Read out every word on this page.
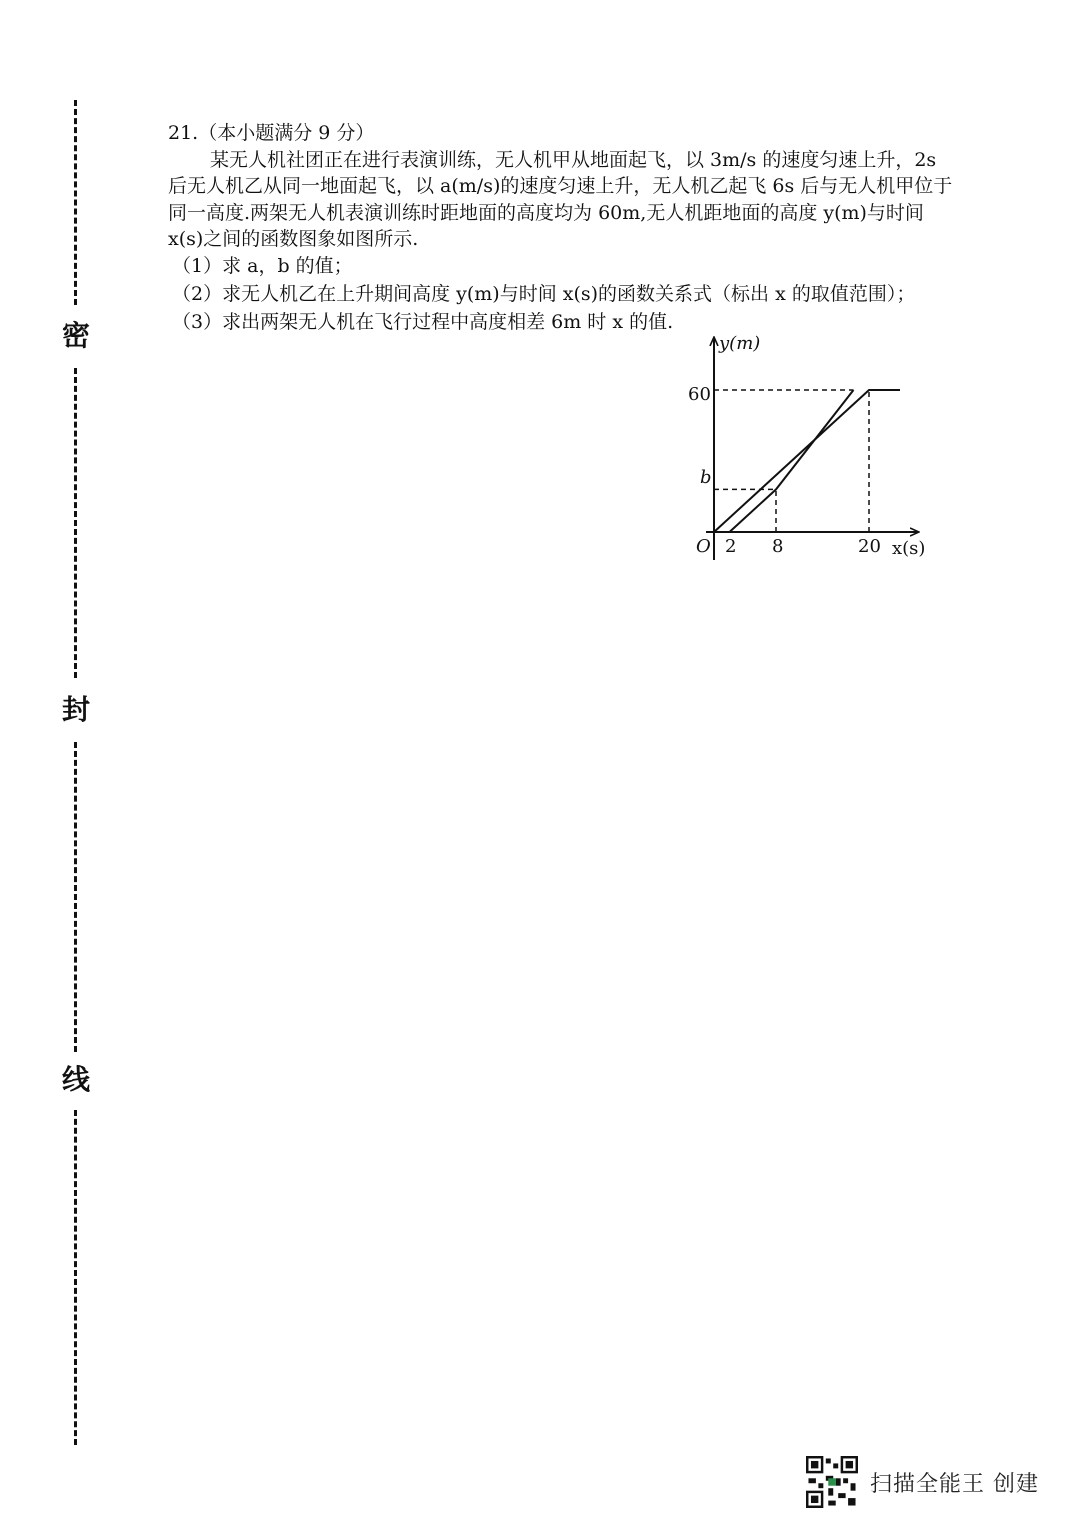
密
封
线

21.（本小题满分 9 分）

某无人机社团正在进行表演训练，无人机甲从地面起飞，以 3m/s 的速度匀速上升，2s 后无人机乙从同一地面起飞，以 a(m/s)的速度匀速上升，无人机乙起飞 6s 后与无人机甲位于同一高度.两架无人机表演训练时距地面的高度均为 60m,无人机距地面的高度 y(m)与时间 x(s)之间的函数图象如图所示.

（1）求 a，b 的值；

（2）求无人机乙在上升期间高度 y(m)与时间 x(s)的函数关系式（标出 x 的取值范围）；

（3）求出两架无人机在飞行过程中高度相差 6m 时 x 的值.

y(m)
x(s)
O
60
b
2 8	20
扫描全能王 创建
